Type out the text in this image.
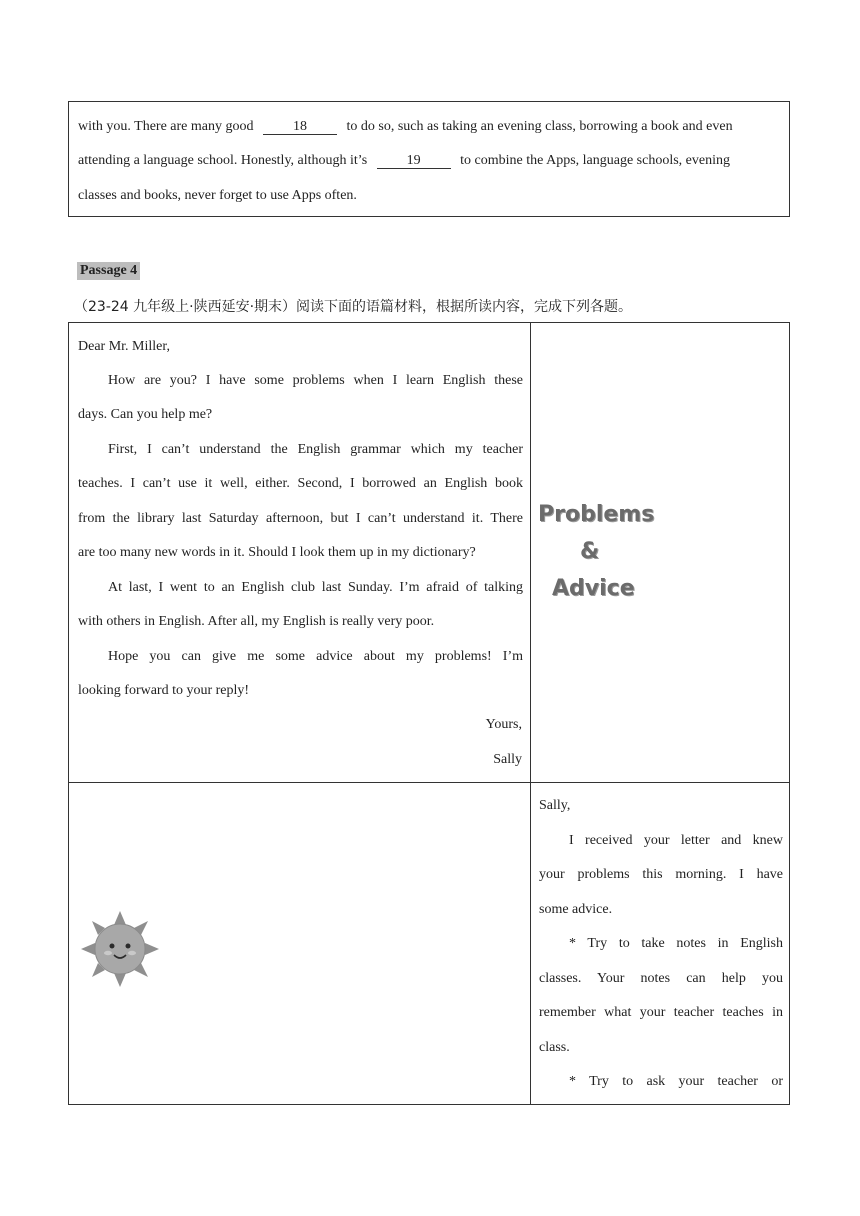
with you. There are many good	18	to do so, such as taking an evening class, borrowing a book and even
attending a language school. Honestly, although it’s	19	to combine the Apps, language schools, evening
classes and books, never forget to use Apps often.
Passage 4
（23-24 九年级上·陕西延安·期末）阅读下面的语篇材料，根据所读内容，完成下列各题。

Dear Mr. Miller,

How are you? I have some problems when I learn English these

days. Can you help me?

First, I can’t understand the English grammar which my teacher

teaches. I can’t use it well, either. Second, I borrowed an English book

from the library last Saturday afternoon, but I can’t understand it. There

are too many new words in it. Should I look them up in my dictionary?

At last, I went to an English club last Sunday. I’m afraid of talking

with others in English. After all, my English is really very poor.

Hope you can give me some advice about my problems! I’m

looking forward to your reply!

Yours,

Sally

Problems
&
Advice

Sally,

I received your letter and knew

your problems this morning. I have

some advice.

* Try to take notes in English

classes. Your notes can help you

remember what your teacher teaches in

class.

* Try to ask your teacher or
